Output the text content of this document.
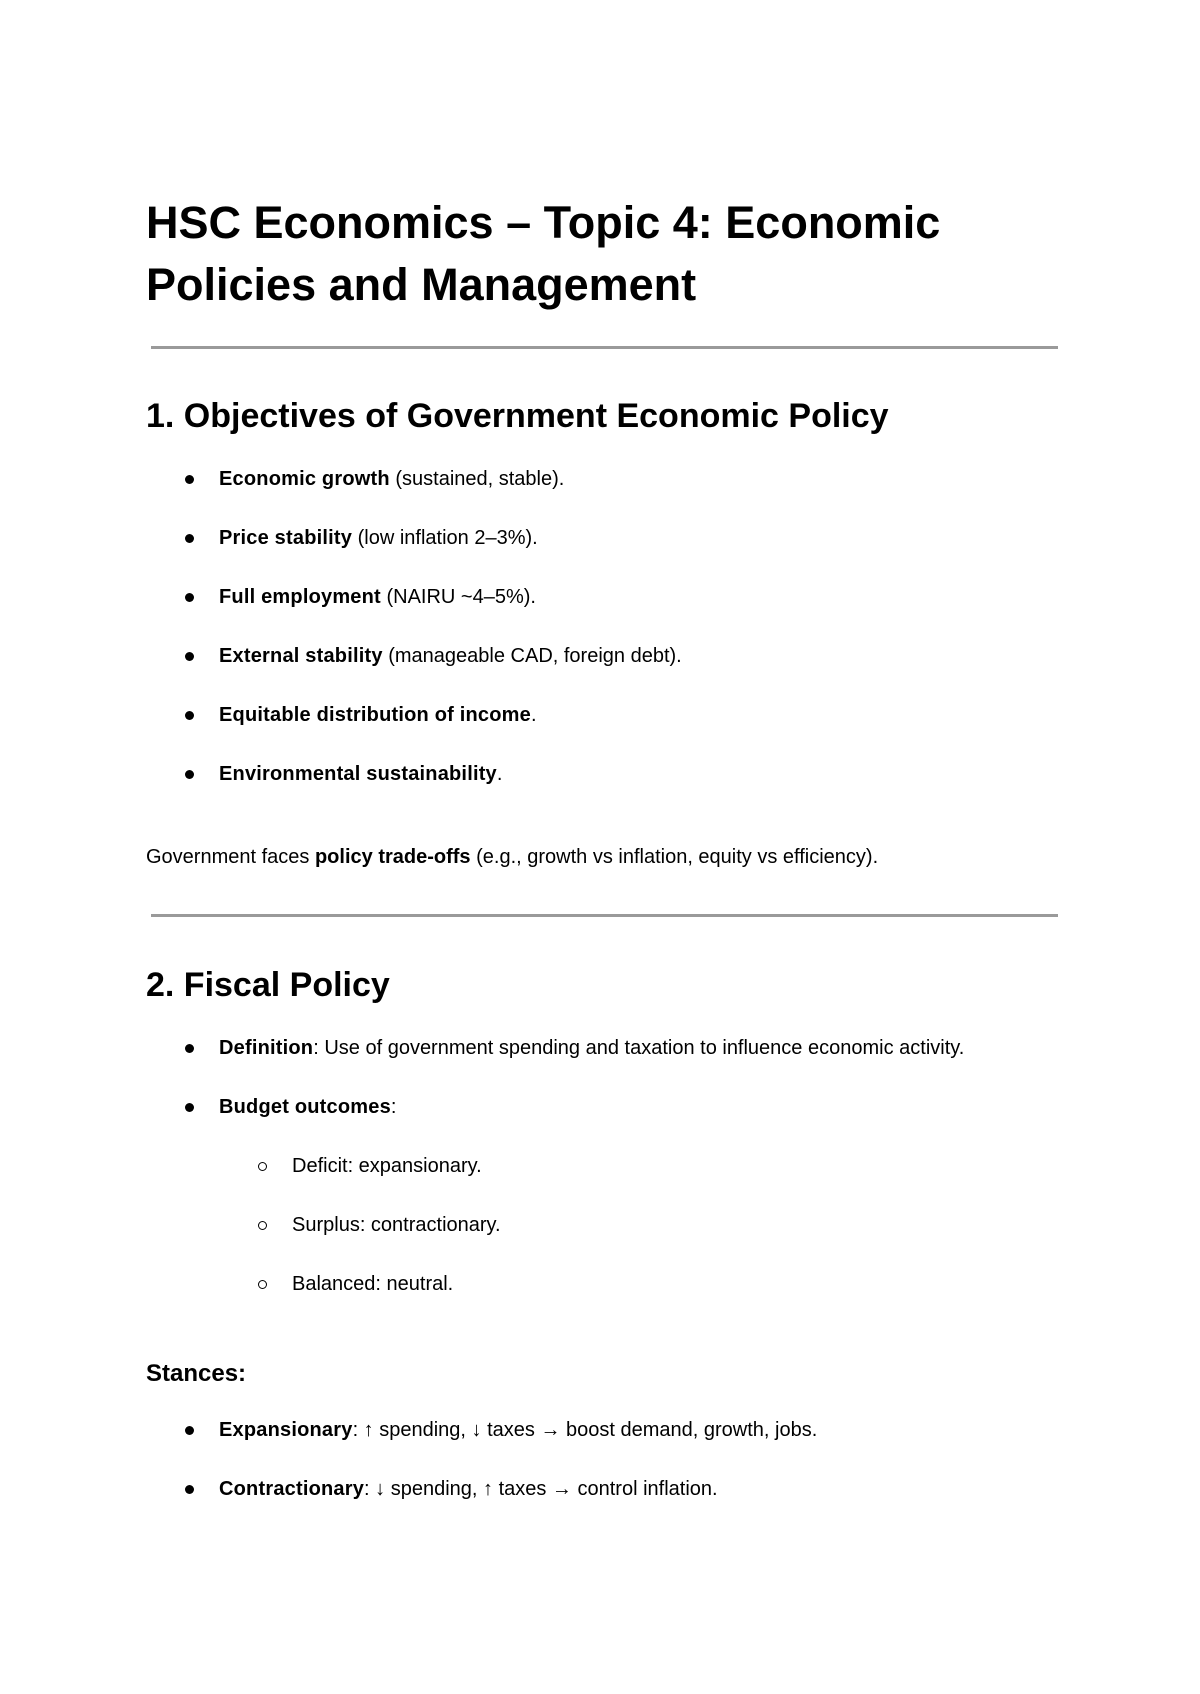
HSC Economics – Topic 4: Economic Policies and Management
1. Objectives of Government Economic Policy
Economic growth (sustained, stable).
Price stability (low inflation 2–3%).
Full employment (NAIRU ~4–5%).
External stability (manageable CAD, foreign debt).
Equitable distribution of income.
Environmental sustainability.
Government faces policy trade-offs (e.g., growth vs inflation, equity vs efficiency).
2. Fiscal Policy
Definition: Use of government spending and taxation to influence economic activity.
Budget outcomes:
Deficit: expansionary.
Surplus: contractionary.
Balanced: neutral.
Stances:
Expansionary: ↑ spending, ↓ taxes → boost demand, growth, jobs.
Contractionary: ↓ spending, ↑ taxes → control inflation.
